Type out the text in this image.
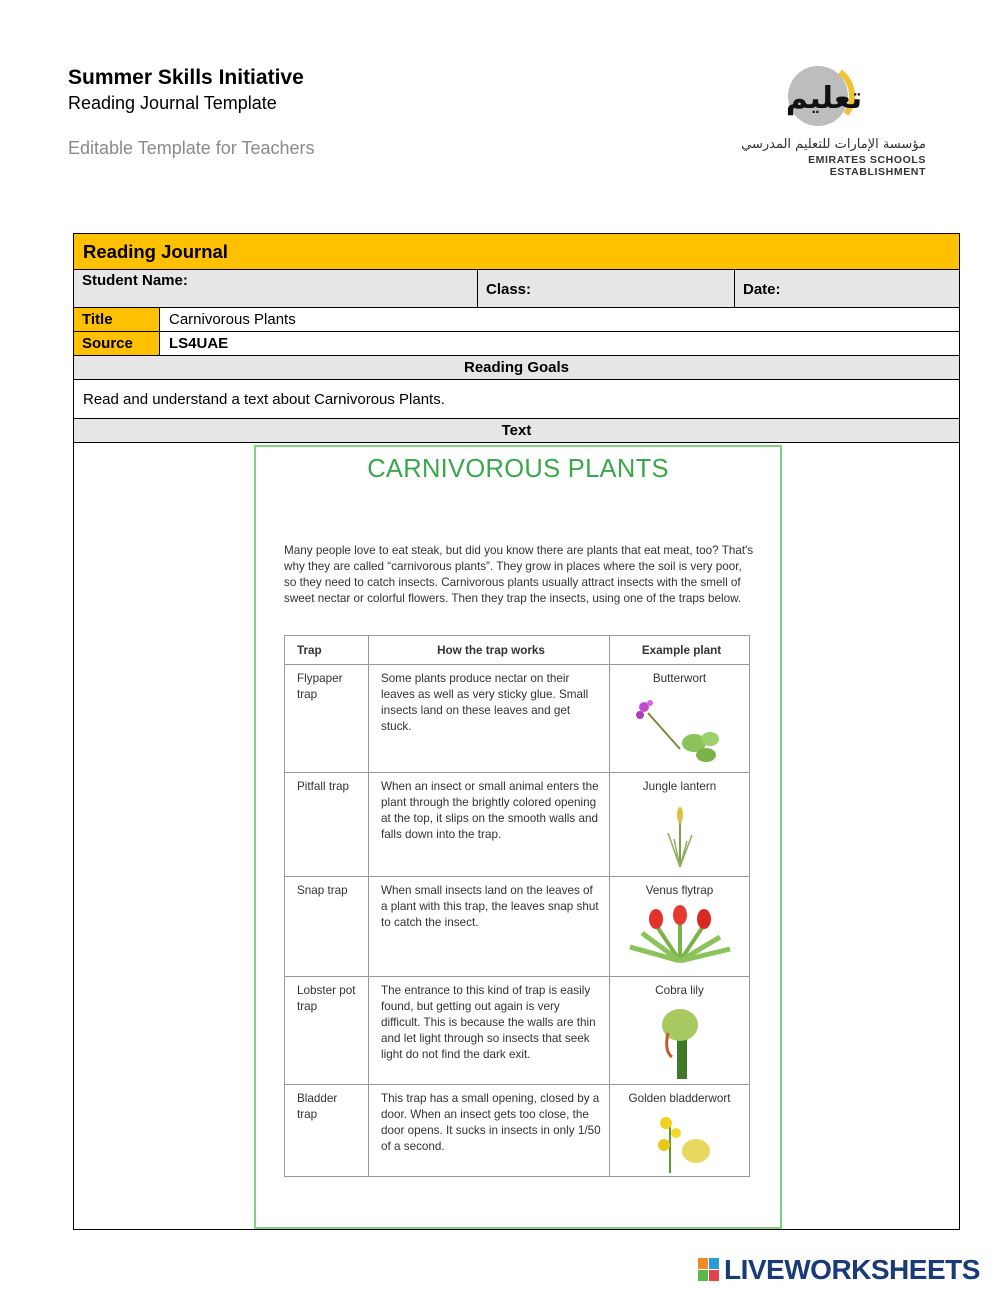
Summer Skills Initiative
Reading Journal Template
Editable Template for Teachers
تعليم
مؤسسة الإمارات للتعليم المدرسي
EMIRATES SCHOOLS ESTABLISHMENT
Reading Journal
Student Name:
Class:	Date:
Title	Carnivorous Plants
Source	LS4UAE
Reading Goals
Read and understand a text about Carnivorous Plants.
Text
CARNIVOROUS PLANTS
Many people love to eat steak, but did you know there are plants that eat meat, too? That's why they are called “carnivorous plants”. They grow in places where the soil is very poor, so they need to catch insects. Carnivorous plants usually attract insects with the smell of sweet nectar or colorful flowers. Then they trap the insects, using one of the traps below.
Trap	How the trap works	Example plant
Flypaper trap	Some plants produce nectar on their leaves as well as very sticky glue. Small insects land on these leaves and get stuck.	Butterwort

Pitfall trap	When an insect or small animal enters the plant through the brightly colored opening at the top, it slips on the smooth walls and falls down into the trap.	Jungle lantern

Snap trap	When small insects land on the leaves of a plant with this trap, the leaves snap shut to catch the insect.	Venus flytrap

Lobster pot trap	The entrance to this kind of trap is easily found, but getting out again is very difficult. This is because the walls are thin and let light through so insects that seek light do not find the dark exit.	Cobra lily

Bladder trap	This trap has a small opening, closed by a door. When an insect gets too close, the door opens. It sucks in insects in only 1/50 of a second.	Golden bladderwort
LIVEWORKSHEETS
